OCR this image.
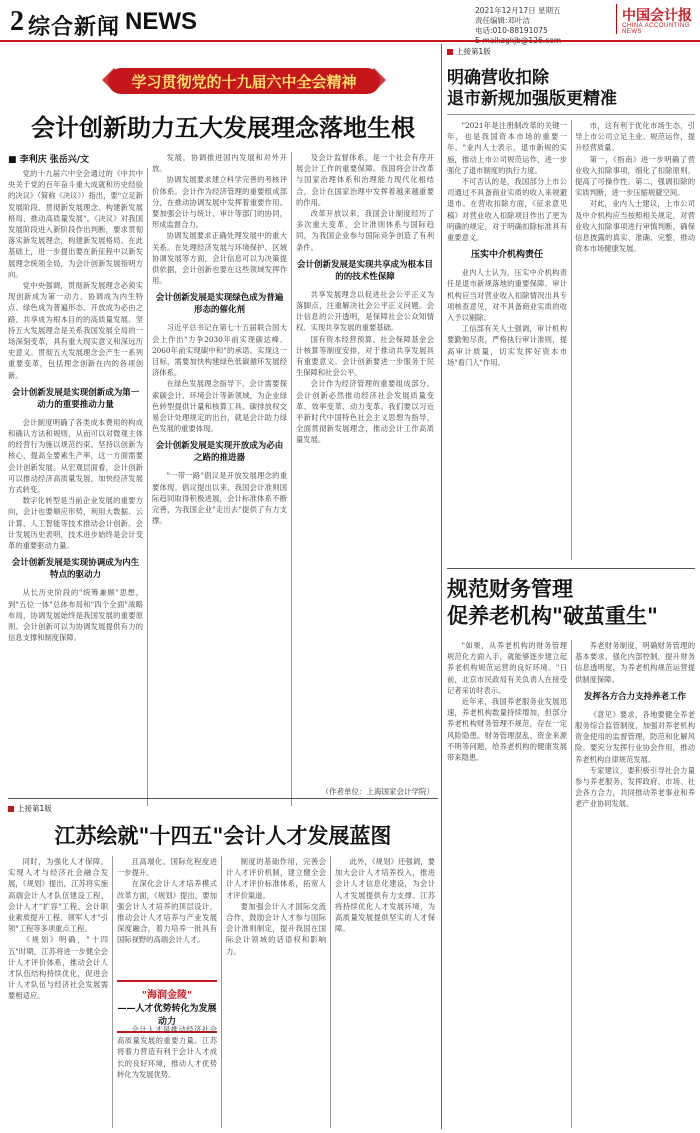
2 综合新闻 NEWS	2021年12月17日 星期五
责任编辑:邓叶洁
电话:010-88191075
中国会计报
CHINA ACCOUNTING NEWS
学习贯彻党的十九届六中全会精神
会计创新助力五大发展理念落地生根
■ 李利庆 张岳兴/文

党的十九届六中全会通过的《中共中央关于党的百年奋斗重大成就和历史经验的决议》（简称《决议》）指出，要"立足新发展阶段、贯彻新发展理念、构建新发展格局，推动高质量发展"。《决议》对我国发展阶段进入新阶段作出判断，要求贯彻落实新发展理念，构建新发展格局。在此基础上，进一步提出要在新征程中以新发展理念统领全局，为会计创新发展指明方向。

党中央强调，贯彻新发展理念必须实现创新成为第一动力、协调成为内生特点、绿色成为普遍形态、开放成为必由之路、共享成为根本目的的高质量发展。坚持五大发展理念是关系我国发展全局的一场深刻变革，具有重大现实意义和深远历史意义。贯彻五大发展理念会产生一系列重要变革，包括理念创新在内的各项创新。

会计创新发展是实现创新成为第一动力的重要推动力量

会计制度明确了各类成本费用的构成和确认方法和规则，从而可以对微观主体的经营行为施以规范约束。坚持以创新为核心，提高全要素生产率，这一方面需要会计创新发展。从宏观层面看，会计创新可以推动经济高质量发展，加快经济发展方式转变。

数字化转型是当前企业发展的重要方向，会计也要顺应形势，利用大数据、云计算、人工智能等技术推动会计创新。会计发展历史表明，技术进步始终是会计变革的重要驱动力量。

会计创新发展是实现协调成为内生特点的驱动力

从长历史阶段的"统筹兼顾"思想，到"五位一体"总体布局和"四个全面"战略布局，协调发展始终是我国发展的重要原则。会计创新可以为协调发展提供有力的信息支撑和制度保障。

发展，协调推进国内发展和对外开放。

协调发展要求建立科学完善的考核评价体系。会计作为经济管理的重要组成部分，在推动协调发展中发挥着重要作用。要加强会计与统计、审计等部门的协同，形成监督合力。

协调发展要求正确处理发展中的重大关系。在处理经济发展与环境保护、区域协调发展等方面，会计信息可以为决策提供依据，会计创新也要在这些领域发挥作用。

会计创新发展是实现绿色成为普遍形态的催化剂

习近平总书记在第七十五届联合国大会上作出"力争2030年前实现碳达峰、2060年前实现碳中和"的承诺。实现这一目标，需要加快构建绿色低碳循环发展经济体系。

在绿色发展理念指导下，会计需要探索碳会计、环境会计等新领域，为企业绿色转型提供计量和核算工具。碳排放权交易会计处理规定的出台，就是会计助力绿色发展的重要体现。

会计创新发展是实现开放成为必由之路的推进器

"一带一路"倡议是开放发展理念的重要体现。倡议提出以来，我国会计准则国际趋同取得积极进展，会计标准体系不断完善，为我国企业"走出去"提供了有力支撑。

及会计监督体系，是一个社会有序开展会计工作的重要保障。我国将会计改革与国家治理体系和治理能力现代化相结合，会计在国家治理中发挥着越来越重要的作用。

改革开放以来，我国会计制度经历了多次重大变革，会计准则体系与国际趋同，为我国企业参与国际竞争创造了有利条件。

会计创新发展是实现共享成为根本目的的技术性保障

共享发展理念以促进社会公平正义为落脚点，注重解决社会公平正义问题。会计信息的公开透明，是保障社会公众知情权、实现共享发展的重要基础。

国有资本经营预算、社会保障基金会计核算等制度安排，对于推动共享发展具有重要意义。会计创新要进一步服务于民生保障和社会公平。

会计作为经济管理的重要组成部分，会计创新必然推动经济社会发展质量变革、效率变革、动力变革。我们要以习近平新时代中国特色社会主义思想为指导，全面贯彻新发展理念，推动会计工作高质量发展。

（作者单位：上海国家会计学院）
上接第1版
明确营收扣除
退市新规加强版更精准

"2021年是注册制改革的关键一年，也是我国资本市场的重要一年。"业内人士表示，退市新规的实施，推动上市公司规范运作，进一步强化了退市制度的执行力度。

不可否认的是，我国部分上市公司通过不具备商业实质的收入来规避退市。在营收扣除方面，《征求意见稿》对营业收入扣除项目作出了更为明确的规定，对于明确扣除标准具有重要意义。

压实中介机构责任

业内人士认为，压实中介机构责任是退市新规落地的重要保障。审计机构应当对营业收入扣除情况出具专项核查意见，对不具备商业实质的收入予以剔除。

工信部有关人士强调，审计机构要勤勉尽责，严格执行审计准则，提高审计质量，切实发挥好资本市场"看门人"作用。

市，这有利于优化市场生态，引导上市公司立足主业、规范运作，提升经营质量。

第一，《指南》进一步明确了营业收入扣除事项，细化了扣除原则，提高了可操作性。第二，强调扣除的实质判断，进一步压缩规避空间。

对此，业内人士建议，上市公司及中介机构应当按照相关规定，对营业收入扣除事项进行审慎判断，确保信息披露的真实、准确、完整，推动资本市场健康发展。

规范财务管理
促养老机构"破茧重生"

"如果，从养老机构的财务管理规范化方面入手，就能够逐步建立起养老机构规范运营的良好环境。"日前，北京市民政局有关负责人在接受记者采访时表示。

近年来，我国养老服务业发展迅速，养老机构数量持续增加，但部分养老机构财务管理不规范，存在一定风险隐患。财务管理混乱、资金来源不明等问题，给养老机构的健康发展带来隐患。

养老财务制度，明确财务管理的基本要求，强化内部控制，提升财务信息透明度，为养老机构规范运营提供制度保障。

发挥各方合力支持养老工作

《意见》要求，各地要健全养老服务综合监管制度，加强对养老机构资金使用的监督管理，防范和化解风险。要充分发挥行业协会作用，推动养老机构自律规范发展。

专家建议，要积极引导社会力量参与养老服务，发挥政府、市场、社会各方合力，共同推动养老事业和养老产业协同发展。

上接第1版
江苏绘就"十四五"会计人才发展蓝图

同时，为强化人才保障，实现人才与经济社会融合发展，《规划》提出，江苏将实施高端会计人才队伍建设工程、会计人才"扩容"工程、会计职业素质提升工程、领军人才"引领"工程等多项重点工程。

《规划》明确，"十四五"时期，江苏将进一步健全会计人才评价体系，推动会计人才队伍结构持续优化，促进会计人才队伍与经济社会发展需要相适应。

且高端化、国际化程度进一步提升。

在深化会计人才培养模式改革方面，《规划》提出，要加强会计人才培养的顶层设计，推动会计人才培养与产业发展深度融合，着力培养一批具有国际视野的高端会计人才。

"海润金陵"
——人才优势转化为发展动力

会计人才是推动经济社会高质量发展的重要力量。江苏将着力营造有利于会计人才成长的良好环境，推动人才优势转化为发展优势。

制度的基础作用，完善会计人才评价机制，建立健全会计人才评价标准体系，拓宽人才评价渠道。

要加强会计人才国际交流合作，鼓励会计人才参与国际会计准则制定，提升我国在国际会计领域的话语权和影响力。

此外，《规划》还强调，要加大会计人才培养投入，推进会计人才信息化建设，为会计人才发展提供有力支撑。江苏将持续优化人才发展环境，为高质量发展提供坚实的人才保障。
